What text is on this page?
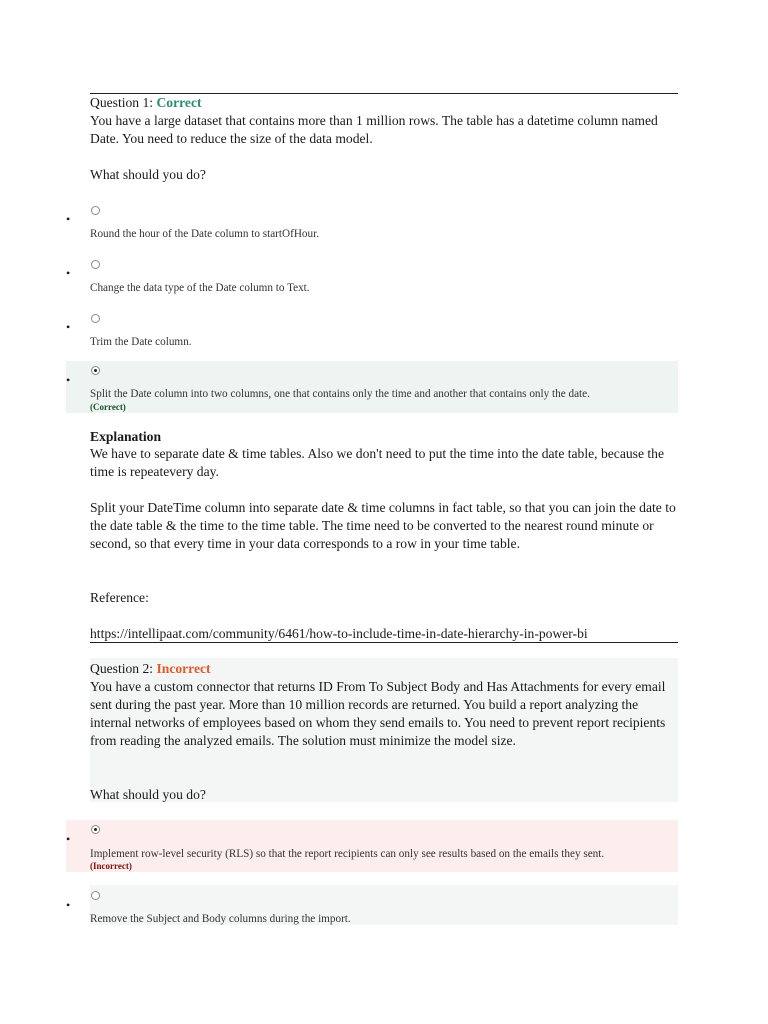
Question 1: Correct
You have a large dataset that contains more than 1 million rows. The table has a datetime column named Date. You need to reduce the size of the data model.
What should you do?
•
Round the hour of the Date column to startOfHour.
•
Change the data type of the Date column to Text.
•
Trim the Date column.
•
Split the Date column into two columns, one that contains only the time and another that contains only the date.
(Correct)
Explanation
We have to separate date & time tables. Also we don't need to put the time into the date table, because the time is repeatevery day.
Split your DateTime column into separate date & time columns in fact table, so that you can join the date to the date table & the time to the time table. The time need to be converted to the nearest round minute or second, so that every time in your data corresponds to a row in your time table.
Reference:
https://intellipaat.com/community/6461/how-to-include-time-in-date-hierarchy-in-power-bi
Question 2: Incorrect
You have a custom connector that returns ID From To Subject Body and Has Attachments for every email sent during the past year. More than 10 million records are returned. You build a report analyzing the internal networks of employees based on whom they send emails to. You need to prevent report recipients from reading the analyzed emails. The solution must minimize the model size.
What should you do?
•
Implement row-level security (RLS) so that the report recipients can only see results based on the emails they sent.
(Incorrect)
•
Remove the Subject and Body columns during the import.
